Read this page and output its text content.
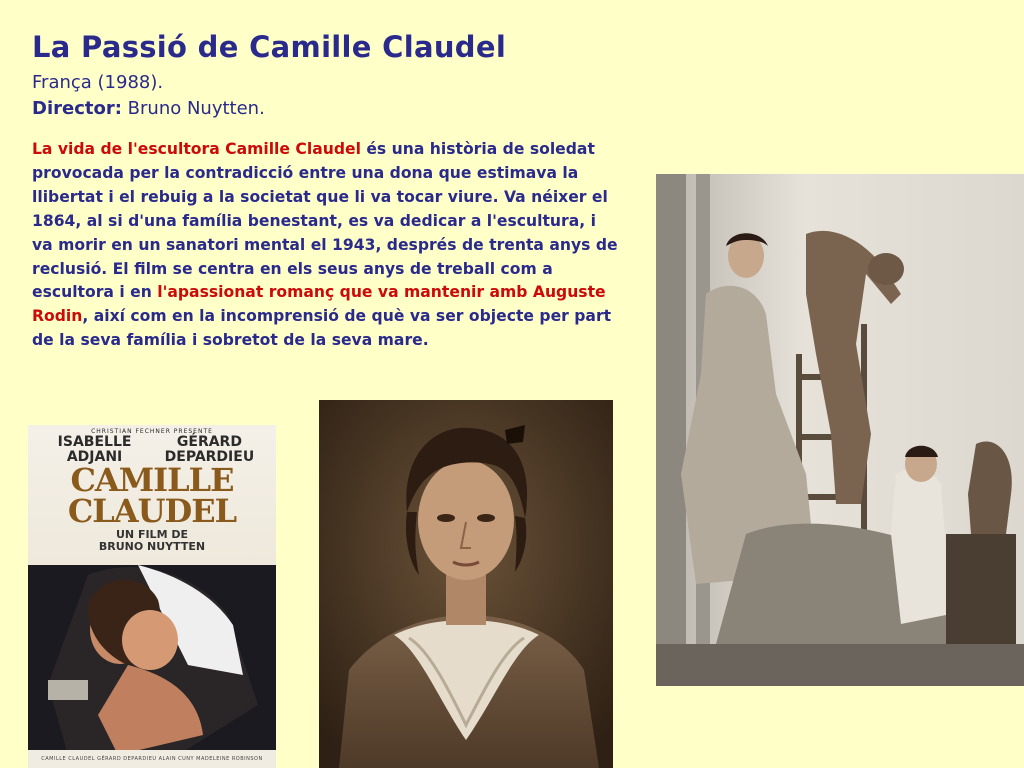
La Passió de Camille Claudel
França (1988).
Director: Bruno Nuytten.

La vida de l'escultora Camille Claudel és una història de soledat provocada per la contradicció entre una dona que estimava la llibertat i el rebuig a la societat que li va tocar viure. Va néixer el 1864, al si d'una família benestant, es va dedicar a l'escultura, i va morir en un sanatori mental el 1943, després de trenta anys de reclusió. El film se centra en els seus anys de treball com a escultora i en l'apassionat romanç que va mantenir amb Auguste Rodin, així com en la incomprensió de què va ser objecte per part de la seva família i sobretot de la seva mare.

CHRISTIAN FECHNER PRESENTE
ISABELLE
ADJANI GÉRARD
DEPARDIEU
CAMILLE
CLAUDEL
UN FILM DE
BRUNO NUYTTEN
CAMILLE CLAUDEL GÉRARD DEPARDIEU ALAIN CUNY MADELEINE ROBINSON
